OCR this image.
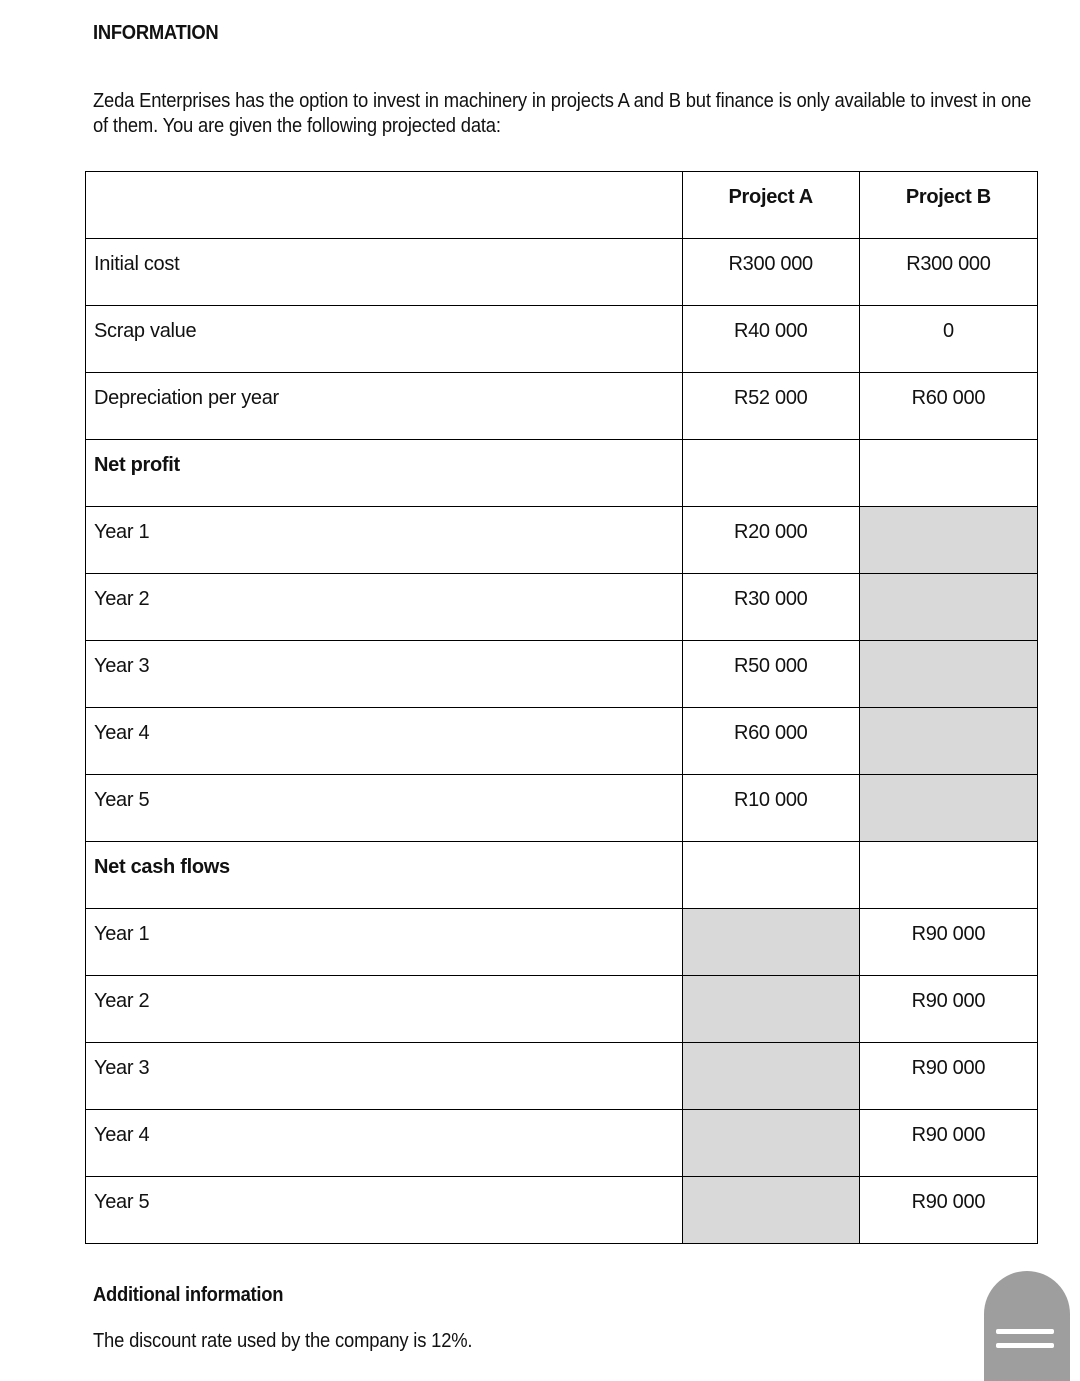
INFORMATION
Zeda Enterprises has the option to invest in machinery in projects A and B but finance is only available to invest in one of them. You are given the following projected data:

	Project A	Project B

Initial cost	R300 000	R300 000

Scrap value	R40 000	0

Depreciation per year	R52 000	R60 000

Net profit		

Year 1	R20 000	

Year 2	R30 000	

Year 3	R50 000	

Year 4	R60 000	

Year 5	R10 000	

Net cash flows		

Year 1		R90 000

Year 2		R90 000

Year 3		R90 000

Year 4		R90 000

Year 5		R90 000
Additional information
The discount rate used by the company is 12%.
